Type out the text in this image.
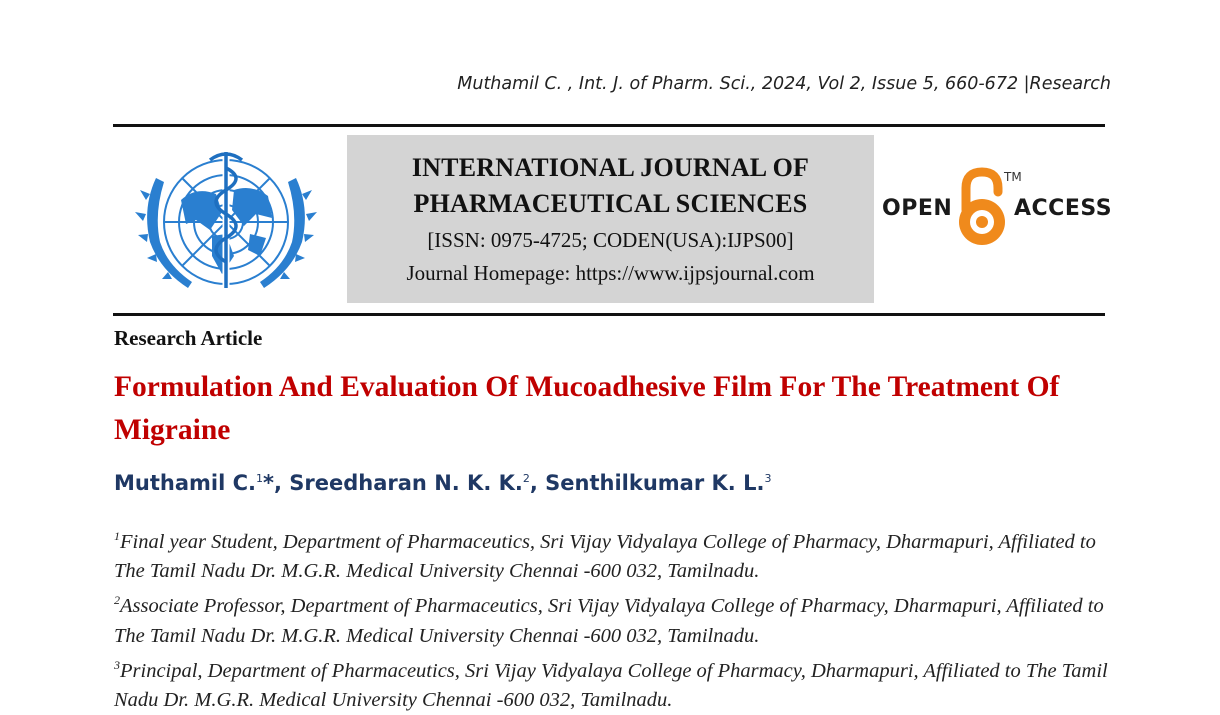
Muthamil C. , Int. J. of Pharm. Sci., 2024, Vol 2, Issue 5, 660-672 |Research
INTERNATIONAL JOURNAL OF
PHARMACEUTICAL SCIENCES
[ISSN: 0975-4725; CODEN(USA):IJPS00]
Journal Homepage: https://www.ijpsjournal.com
OPEN
TM
ACCESS
Research Article
Formulation And Evaluation Of Mucoadhesive Film For The Treatment Of Migraine
Muthamil C.$^1$*, Sreedharan N. K. K.$^2$, Senthilkumar K. L.$^3$
$^1$Final year Student, Department of Pharmaceutics, Sri Vijay Vidyalaya College of Pharmacy, Dharmapuri, Affiliated to The Tamil Nadu Dr. M.G.R. Medical University Chennai -600 032, Tamilnadu.
$^2$Associate Professor, Department of Pharmaceutics, Sri Vijay Vidyalaya College of Pharmacy, Dharmapuri, Affiliated to The Tamil Nadu Dr. M.G.R. Medical University Chennai -600 032, Tamilnadu.
$^3$Principal, Department of Pharmaceutics, Sri Vijay Vidyalaya College of Pharmacy, Dharmapuri, Affiliated to The Tamil Nadu Dr. M.G.R. Medical University Chennai -600 032, Tamilnadu.
